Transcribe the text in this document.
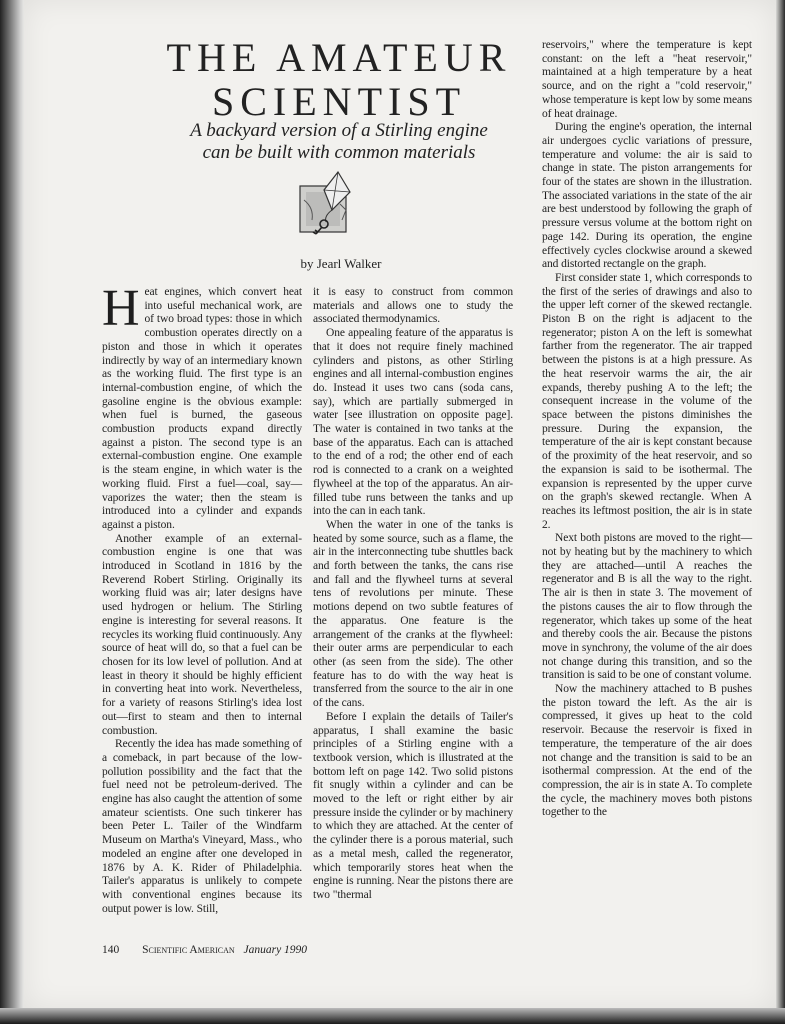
THE AMATEUR
SCIENTIST
A backyard version of a Stirling engine
can be built with common materials
by Jearl Walker

Heat engines, which convert heat into useful mechanical work, are of two broad types: those in which combustion operates directly on a piston and those in which it operates indirectly by way of an intermediary known as the working fluid. The first type is an internal-combustion engine, of which the gasoline engine is the obvious example: when fuel is burned, the gaseous combustion products expand directly against a piston. The second type is an external-combustion engine. One example is the steam engine, in which water is the working fluid. First a fuel—coal, say—vaporizes the water; then the steam is introduced into a cylinder and expands against a piston.

Another example of an external-combustion engine is one that was introduced in Scotland in 1816 by the Reverend Robert Stirling. Originally its working fluid was air; later designs have used hydrogen or helium. The Stirling engine is interesting for several reasons. It recycles its working fluid continuously. Any source of heat will do, so that a fuel can be chosen for its low level of pollution. And at least in theory it should be highly efficient in converting heat into work. Nevertheless, for a variety of reasons Stirling's idea lost out—first to steam and then to internal combustion.

Recently the idea has made something of a comeback, in part because of the low-pollution possibility and the fact that the fuel need not be petroleum-derived. The engine has also caught the attention of some amateur scientists. One such tinkerer has been Peter L. Tailer of the Windfarm Museum on Martha's Vineyard, Mass., who modeled an engine after one developed in 1876 by A. K. Rider of Philadelphia. Tailer's apparatus is unlikely to compete with conventional engines because its output power is low. Still,

it is easy to construct from common materials and allows one to study the associated thermodynamics.

One appealing feature of the apparatus is that it does not require finely machined cylinders and pistons, as other Stirling engines and all internal-combustion engines do. Instead it uses two cans (soda cans, say), which are partially submerged in water [see illustration on opposite page]. The water is contained in two tanks at the base of the apparatus. Each can is attached to the end of a rod; the other end of each rod is connected to a crank on a weighted flywheel at the top of the apparatus. An air-filled tube runs between the tanks and up into the can in each tank.

When the water in one of the tanks is heated by some source, such as a flame, the air in the interconnecting tube shuttles back and forth between the tanks, the cans rise and fall and the flywheel turns at several tens of revolutions per minute. These motions depend on two subtle features of the apparatus. One feature is the arrangement of the cranks at the flywheel: their outer arms are perpendicular to each other (as seen from the side). The other feature has to do with the way heat is transferred from the source to the air in one of the cans.

Before I explain the details of Tailer's apparatus, I shall examine the basic principles of a Stirling engine with a textbook version, which is illustrated at the bottom left on page 142. Two solid pistons fit snugly within a cylinder and can be moved to the left or right either by air pressure inside the cylinder or by machinery to which they are attached. At the center of the cylinder there is a porous material, such as a metal mesh, called the regenerator, which temporarily stores heat when the engine is running. Near the pistons there are two "thermal

reservoirs," where the temperature is kept constant: on the left a "heat reservoir," maintained at a high temperature by a heat source, and on the right a "cold reservoir," whose temperature is kept low by some means of heat drainage.

During the engine's operation, the internal air undergoes cyclic variations of pressure, temperature and volume: the air is said to change in state. The piston arrangements for four of the states are shown in the illustration. The associated variations in the state of the air are best understood by following the graph of pressure versus volume at the bottom right on page 142. During its operation, the engine effectively cycles clockwise around a skewed and distorted rectangle on the graph.

First consider state 1, which corresponds to the first of the series of drawings and also to the upper left corner of the skewed rectangle. Piston B on the right is adjacent to the regenerator; piston A on the left is somewhat farther from the regenerator. The air trapped between the pistons is at a high pressure. As the heat reservoir warms the air, the air expands, thereby pushing A to the left; the consequent increase in the volume of the space between the pistons diminishes the pressure. During the expansion, the temperature of the air is kept constant because of the proximity of the heat reservoir, and so the expansion is said to be isothermal. The expansion is represented by the upper curve on the graph's skewed rectangle. When A reaches its leftmost position, the air is in state 2.

Next both pistons are moved to the right—not by heating but by the machinery to which they are attached—until A reaches the regenerator and B is all the way to the right. The air is then in state 3. The movement of the pistons causes the air to flow through the regenerator, which takes up some of the heat and thereby cools the air. Because the pistons move in synchrony, the volume of the air does not change during this transition, and so the transition is said to be one of constant volume.

Now the machinery attached to B pushes the piston toward the left. As the air is compressed, it gives up heat to the cold reservoir. Because the reservoir is fixed in temperature, the temperature of the air does not change and the transition is said to be an isothermal compression. At the end of the compression, the air is in state A. To complete the cycle, the machinery moves both pistons together to the

140 Scientific American January 1990
